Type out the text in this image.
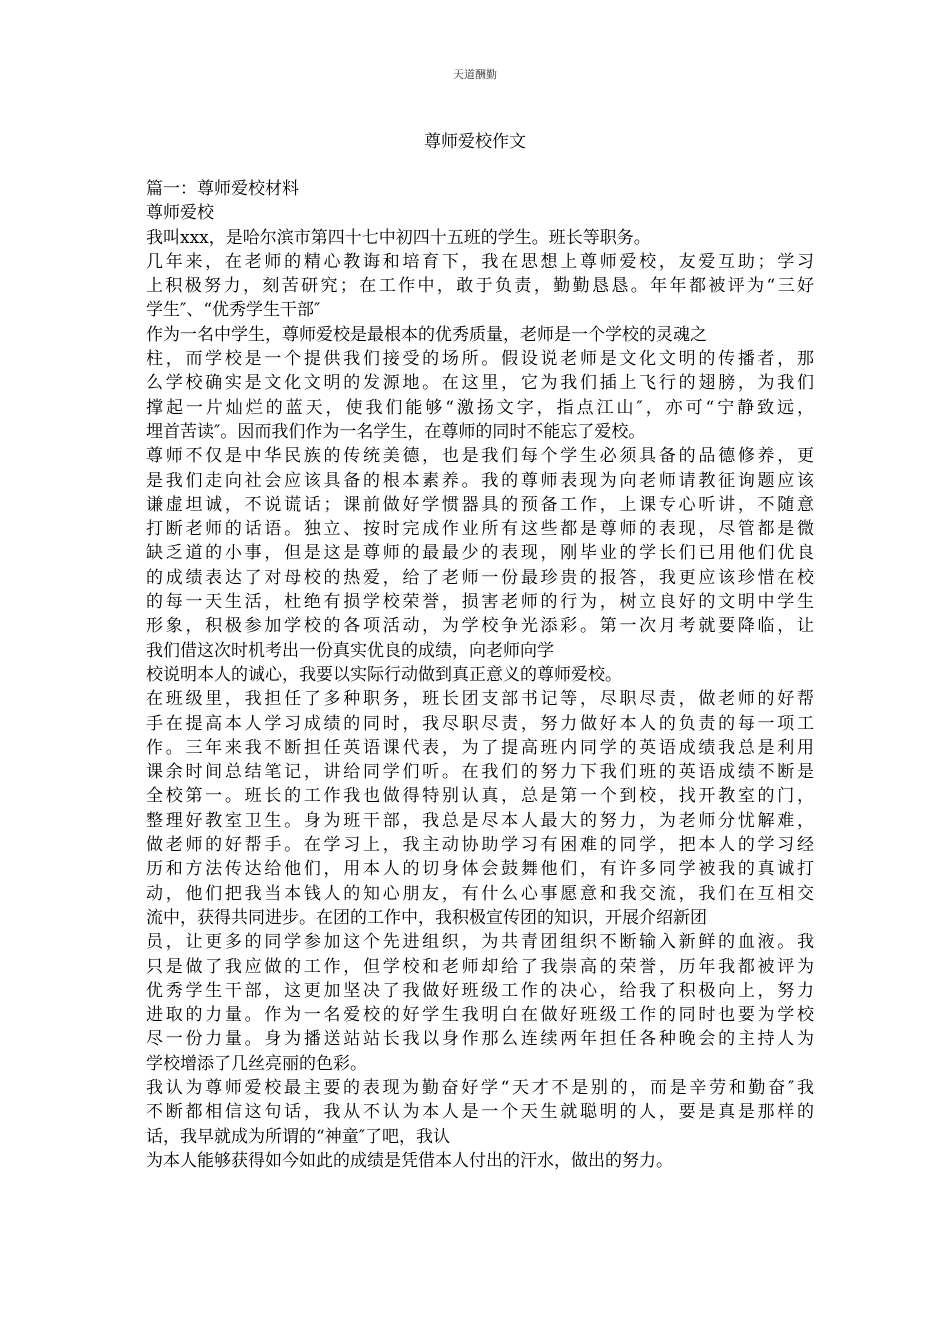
天道酬勤
尊师爱校作文
篇一：尊师爱校材料
尊师爱校
我叫xxx，是哈尔滨市第四十七中初四十五班的学生。班长等职务。
几年来，在老师的精心教诲和培育下，我在思想上尊师爱校，友爱互助；学习
上积极努力，刻苦研究；在工作中，敢于负责，勤勤恳恳。年年都被评为“三好
学生″、“优秀学生干部″
作为一名中学生，尊师爱校是最根本的优秀质量，老师是一个学校的灵魂之
柱，而学校是一个提供我们接受的场所。假设说老师是文化文明的传播者，那
么学校确实是文化文明的发源地。在这里，它为我们插上飞行的翅膀，为我们
撑起一片灿烂的蓝天，使我们能够“激扬文字，指点江山″，亦可“宁静致远，
埋首苦读″。因而我们作为一名学生，在尊师的同时不能忘了爱校。
尊师不仅是中华民族的传统美德，也是我们每个学生必须具备的品德修养，更
是我们走向社会应该具备的根本素养。我的尊师表现为向老师请教征询题应该
谦虚坦诚，不说谎话；课前做好学惯器具的预备工作，上课专心听讲，不随意
打断老师的话语。独立、按时完成作业所有这些都是尊师的表现，尽管都是微
缺乏道的小事，但是这是尊师的最最少的表现，刚毕业的学长们已用他们优良
的成绩表达了对母校的热爱，给了老师一份最珍贵的报答，我更应该珍惜在校
的每一天生活，杜绝有损学校荣誉，损害老师的行为，树立良好的文明中学生
形象，积极参加学校的各项活动，为学校争光添彩。第一次月考就要降临，让
我们借这次时机考出一份真实优良的成绩，向老师向学
校说明本人的诚心，我要以实际行动做到真正意义的尊师爱校。
在班级里，我担任了多种职务，班长团支部书记等，尽职尽责，做老师的好帮
手在提高本人学习成绩的同时，我尽职尽责，努力做好本人的负责的每一项工
作。三年来我不断担任英语课代表，为了提高班内同学的英语成绩我总是利用
课余时间总结笔记，讲给同学们听。在我们的努力下我们班的英语成绩不断是
全校第一。班长的工作我也做得特别认真，总是第一个到校，找开教室的门，
整理好教室卫生。身为班干部，我总是尽本人最大的努力，为老师分忧解难，
做老师的好帮手。在学习上，我主动协助学习有困难的同学，把本人的学习经
历和方法传达给他们，用本人的切身体会鼓舞他们，有许多同学被我的真诚打
动，他们把我当本钱人的知心朋友，有什么心事愿意和我交流，我们在互相交
流中，获得共同进步。在团的工作中，我积极宣传团的知识，开展介绍新团
员，让更多的同学参加这个先进组织，为共青团组织不断输入新鲜的血液。我
只是做了我应做的工作，但学校和老师却给了我崇高的荣誉，历年我都被评为
优秀学生干部，这更加坚决了我做好班级工作的决心，给我了积极向上，努力
进取的力量。作为一名爱校的好学生我明白在做好班级工作的同时也要为学校
尽一份力量。身为播送站站长我以身作那么连续两年担任各种晚会的主持人为
学校增添了几丝亮丽的色彩。
我认为尊师爱校最主要的表现为勤奋好学“天才不是别的，而是辛劳和勤奋″我
不断都相信这句话，我从不认为本人是一个天生就聪明的人，要是真是那样的
话，我早就成为所谓的“神童″了吧，我认
为本人能够获得如今如此的成绩是凭借本人付出的汗水，做出的努力。
